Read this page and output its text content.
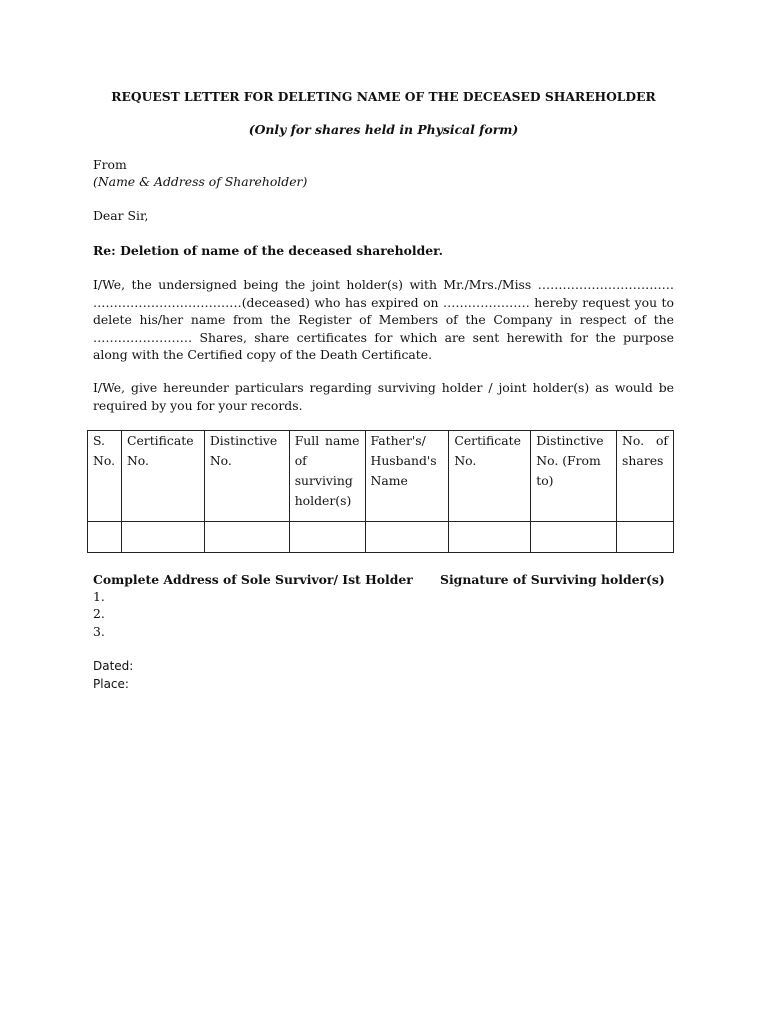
REQUEST LETTER FOR DELETING NAME OF THE DECEASED SHAREHOLDER
(Only for shares held in Physical form)
From
(Name & Address of Shareholder)
Dear Sir,
Re: Deletion of name of the deceased shareholder.

I/We, the undersigned being the joint holder(s) with Mr./Mrs./Miss …………………………… ………………………………(deceased) who has expired on ………………… hereby request you to delete his/her name from the Register of Members of the Company in respect of the …………………… Shares, share certificates for which are sent herewith for the purpose along with the Certified copy of the Death Certificate.

I/We, give hereunder particulars regarding surviving holder / joint holder(s) as would be required by you for your records.

S. No.	Certificate No.	Distinctive No.	Full name of surviving holder(s)	Father's/ Husband's Name	Certificate No.	Distinctive No. (From to)	No. of shares

Complete Address of Sole Survivor/ Ist Holder Signature of Surviving holder(s)
1.
2.
3.
Dated:
Place:
